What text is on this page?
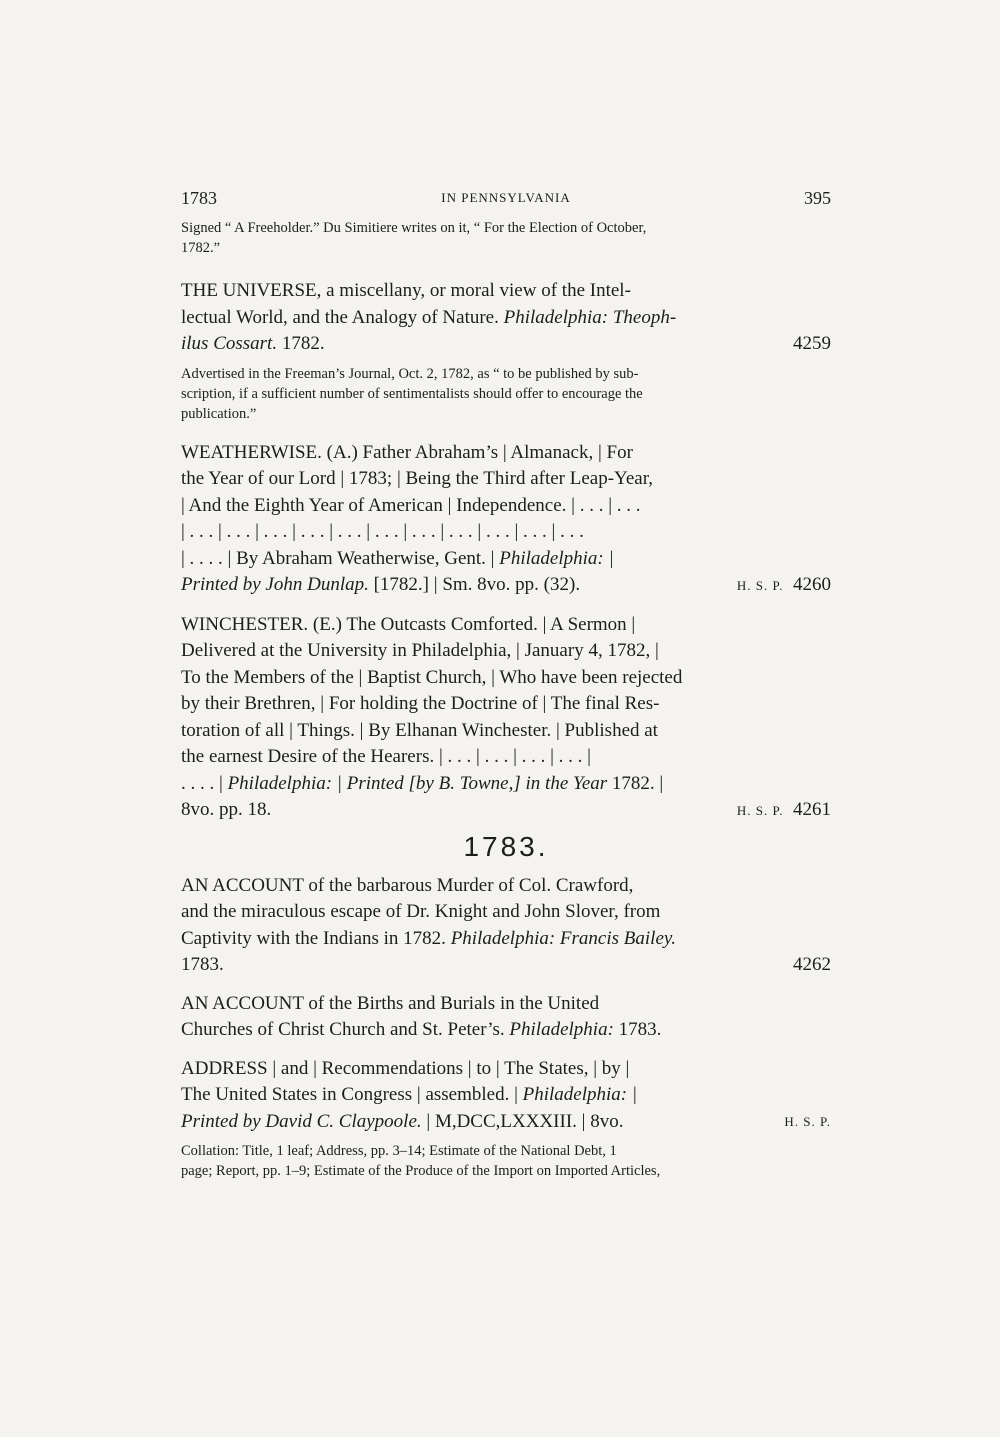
1783	IN PENNSYLVANIA	395

Signed “ A Freeholder.” Du Simitiere writes on it, “ For the Election of October,
1782.”

THE UNIVERSE, a miscellany, or moral view of the Intel-
lectual World, and the Analogy of Nature. Philadelphia: Theoph-
ilus Cossart. 1782.	4259

Advertised in the Freeman’s Journal, Oct. 2, 1782, as “ to be published by sub-
scription, if a sufficient number of sentimentalists should offer to encourage the
publication.”

WEATHERWISE. (A.) Father Abraham’s | Almanack, | For
the Year of our Lord | 1783; | Being the Third after Leap-Year,
| And the Eighth Year of American | Independence. | . . . | . . .
| . . . | . . . | . . . | . . . | . . . | . . . | . . . | . . . | . . . | . . . | . . .
| . . . . | By Abraham Weatherwise, Gent. | Philadelphia: |
Printed by John Dunlap. [1782.] | Sm. 8vo. pp. (32).	H. S. P. 4260
WINCHESTER. (E.) The Outcasts Comforted. | A Sermon |
Delivered at the University in Philadelphia, | January 4, 1782, |
To the Members of the | Baptist Church, | Who have been rejected
by their Brethren, | For holding the Doctrine of | The final Res-
toration of all | Things. | By Elhanan Winchester. | Published at
the earnest Desire of the Hearers. | . . . | . . . | . . . | . . . |
. . . . | Philadelphia: | Printed [by B. Towne,] in the Year 1782. |
8vo. pp. 18.	H. S. P. 4261
1783.
AN ACCOUNT of the barbarous Murder of Col. Crawford,
and the miraculous escape of Dr. Knight and John Slover, from
Captivity with the Indians in 1782. Philadelphia: Francis Bailey.
1783.	4262
AN ACCOUNT of the Births and Burials in the United
Churches of Christ Church and St. Peter’s. Philadelphia: 1783.
ADDRESS | and | Recommendations | to | The States, | by |
The United States in Congress | assembled. | Philadelphia: |
Printed by David C. Claypoole. | M,DCC,LXXXIII. | 8vo.	H. S. P.

Collation: Title, 1 leaf; Address, pp. 3–14; Estimate of the National Debt, 1
page; Report, pp. 1–9; Estimate of the Produce of the Import on Imported Articles,
